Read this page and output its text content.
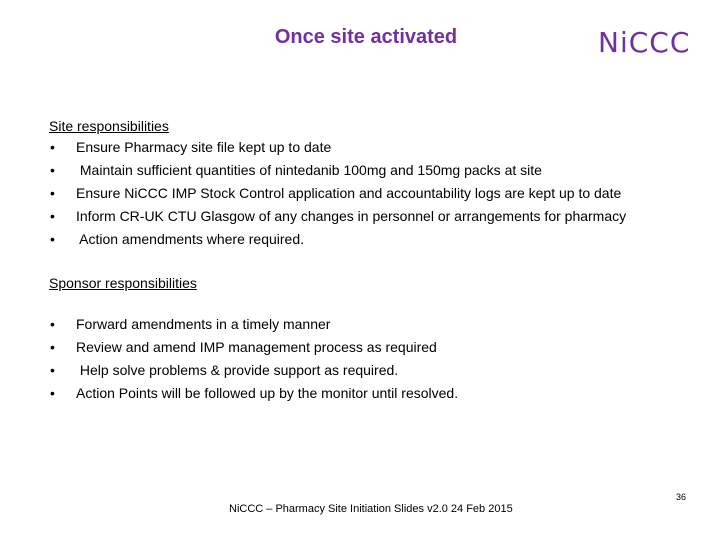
Once site activated	NiCCC
Site responsibilities
• Ensure Pharmacy site file kept up to date
• Maintain sufficient quantities of nintedanib 100mg and 150mg packs at site
• Ensure NiCCC IMP Stock Control application and accountability logs are kept up to date
• Inform CR-UK CTU Glasgow of any changes in personnel or arrangements for pharmacy
• Action amendments where required.
Sponsor responsibilities
• Forward amendments in a timely manner
• Review and amend IMP management process as required
• Help solve problems & provide support as required.
• Action Points will be followed up by the monitor until resolved.
NiCCC – Pharmacy Site Initiation Slides v2.0 24 Feb 2015
36
